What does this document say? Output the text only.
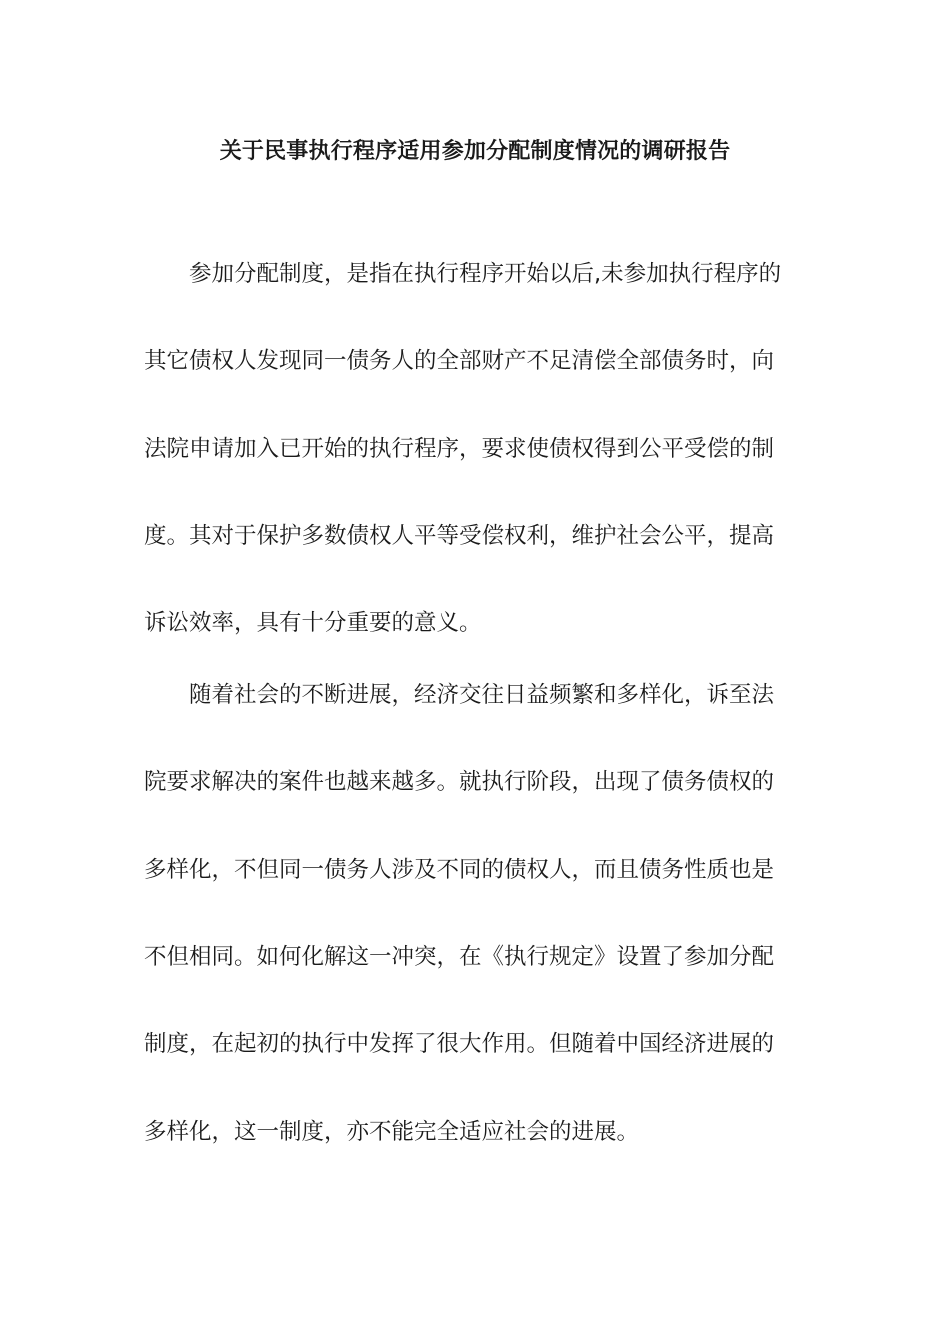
关于民事执行程序适用参加分配制度情况的调研报告
参加分配制度，是指在执行程序开始以后,未参加执行程序的
其它债权人发现同一债务人的全部财产不足清偿全部债务时，向
法院申请加入已开始的执行程序，要求使债权得到公平受偿的制
度。其对于保护多数债权人平等受偿权利，维护社会公平，提高
诉讼效率，具有十分重要的意义。
随着社会的不断进展，经济交往日益频繁和多样化，诉至法
院要求解决的案件也越来越多。就执行阶段，出现了债务债权的
多样化，不但同一债务人涉及不同的债权人，而且债务性质也是
不但相同。如何化解这一冲突，在《执行规定》设置了参加分配
制度，在起初的执行中发挥了很大作用。但随着中国经济进展的
多样化，这一制度，亦不能完全适应社会的进展。
